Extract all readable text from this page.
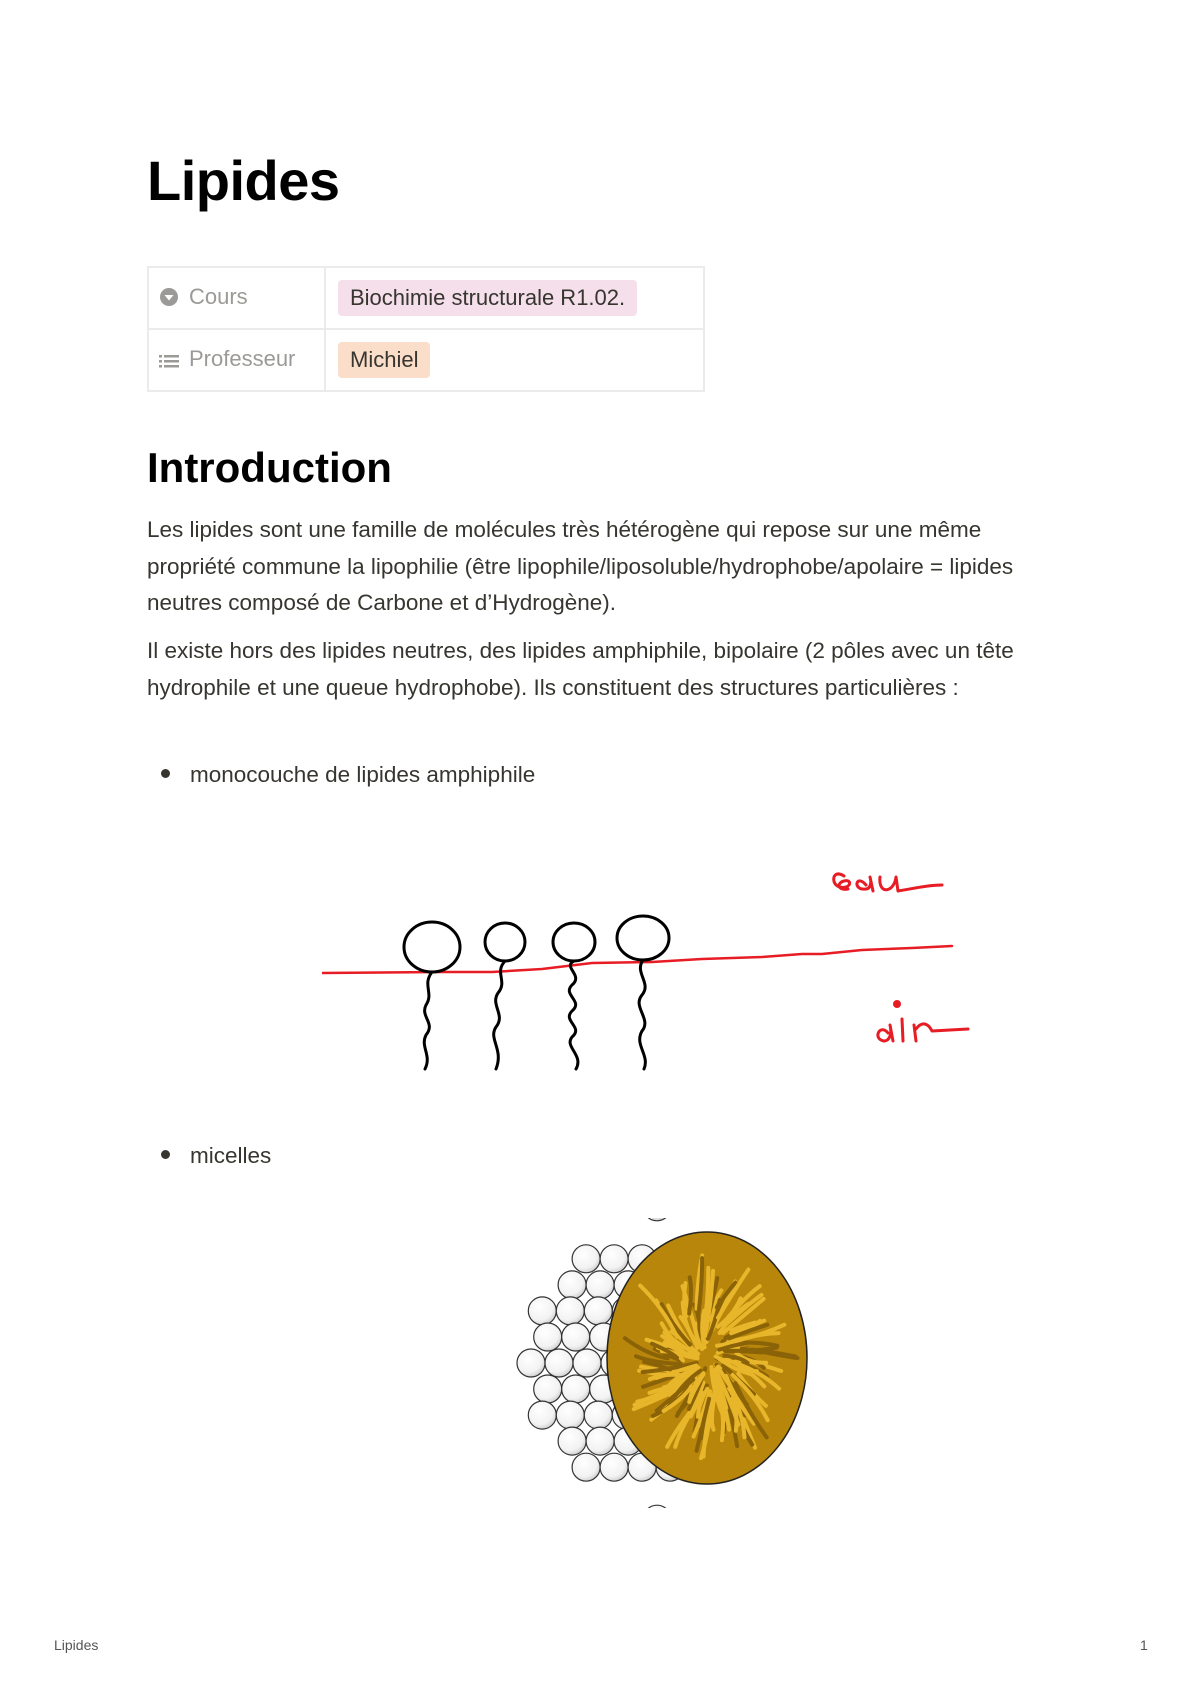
Lipides
Cours	Biochimie structurale R1.02.
Professeur	Michiel
Introduction

Les lipides sont une famille de molécules très hétérogène qui repose sur une même propriété commune la lipophilie (être lipophile/liposoluble/hydrophobe/apolaire = lipides neutres composé de Carbone et d’Hydrogène).

Il existe hors des lipides neutres, des lipides amphiphile, bipolaire (2 pôles avec un tête hydrophile et une queue hydrophobe). Ils constituent des structures particulières :

monocouche de lipides amphiphile
micelles
Lipides	1
